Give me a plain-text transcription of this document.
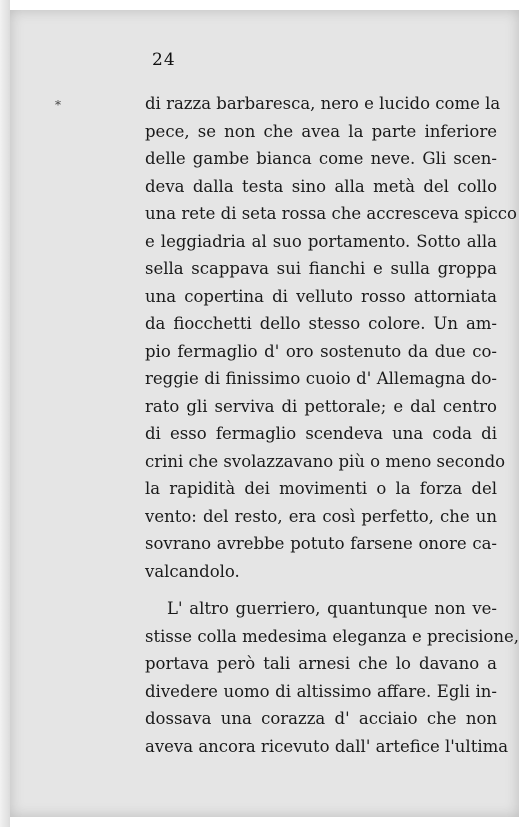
24
*	di razza barbaresca, nero e lucido come la
pece, se non che avea la parte inferiore
delle gambe bianca come neve. Gli scen-
deva dalla testa sino alla metà del collo
una rete di seta rossa che accresceva spicco
e leggiadria al suo portamento. Sotto alla
sella scappava sui fianchi e sulla groppa
una copertina di velluto rosso attorniata
da fiocchetti dello stesso colore. Un am-
pio fermaglio d' oro sostenuto da due co-
reggie di finissimo cuoio d' Allemagna do-
rato gli serviva di pettorale; e dal centro
di esso fermaglio scendeva una coda di
crini che svolazzavano più o meno secondo
la rapidità dei movimenti o la forza del
vento: del resto, era così perfetto, che un
sovrano avrebbe potuto farsene onore ca-
valcandolo.
L' altro guerriero, quantunque non ve-
stisse colla medesima eleganza e precisione,
portava però tali arnesi che lo davano a
divedere uomo di altissimo affare. Egli in-
dossava una corazza d' acciaio che non
aveva ancora ricevuto dall' artefice l'ultima
